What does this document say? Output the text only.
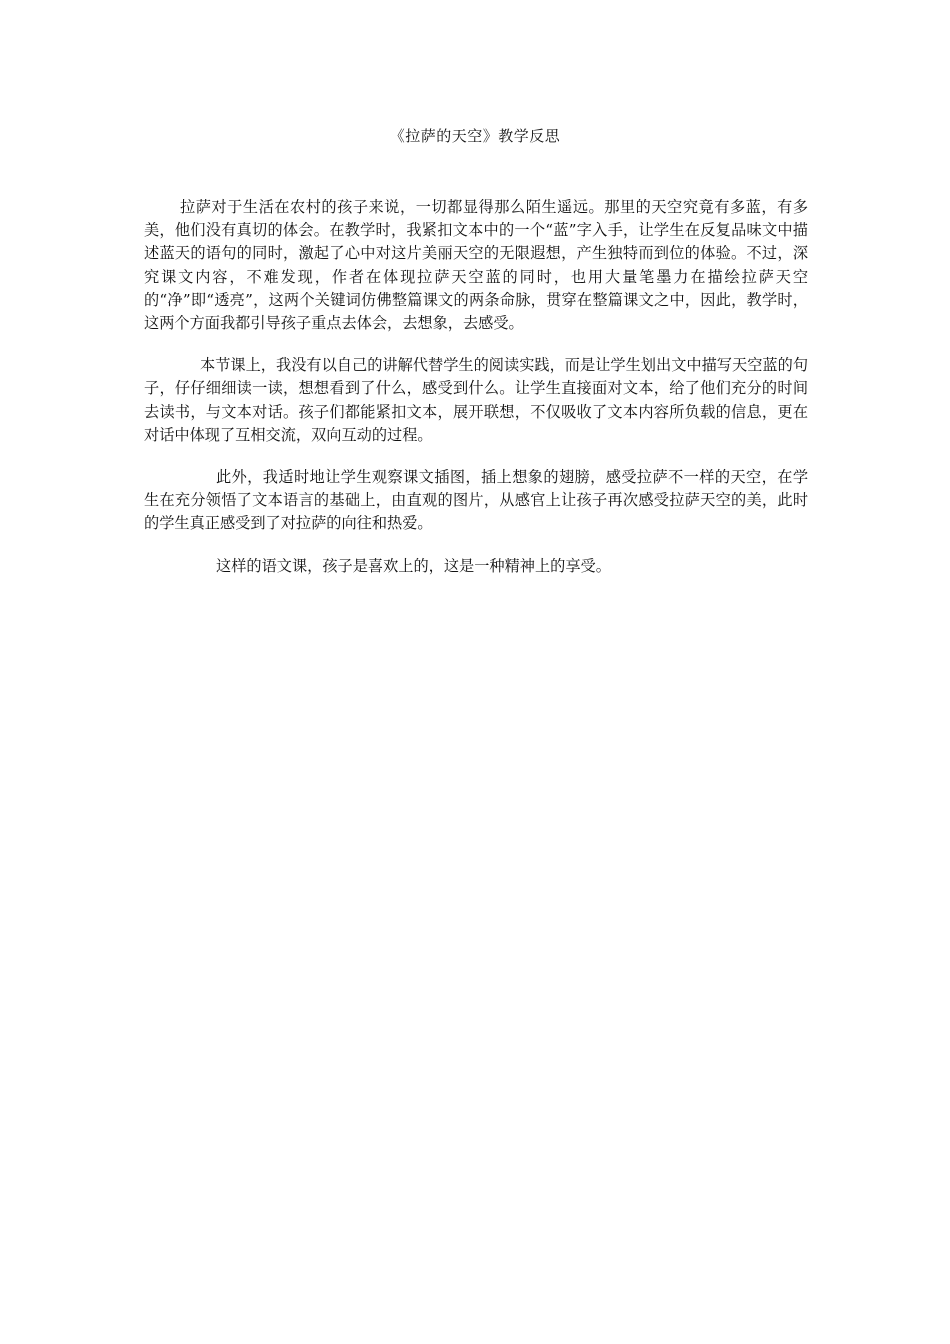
《拉萨的天空》教学反思

拉萨对于生活在农村的孩子来说，一切都显得那么陌生遥远。那里的天空究竟有多蓝，有多美，他们没有真切的体会。在教学时，我紧扣文本中的一个“蓝”字入手，让学生在反复品味文中描述蓝天的语句的同时，激起了心中对这片美丽天空的无限遐想，产生独特而到位的体验。不过，深究课文内容，不难发现，作者在体现拉萨天空蓝的同时，也用大量笔墨力在描绘拉萨天空的“净”即“透亮”，这两个关键词仿佛整篇课文的两条命脉，贯穿在整篇课文之中，因此，教学时，这两个方面我都引导孩子重点去体会，去想象，去感受。

本节课上，我没有以自己的讲解代替学生的阅读实践，而是让学生划出文中描写天空蓝的句子，仔仔细细读一读，想想看到了什么，感受到什么。让学生直接面对文本，给了他们充分的时间去读书，与文本对话。孩子们都能紧扣文本，展开联想，不仅吸收了文本内容所负载的信息，更在对话中体现了互相交流，双向互动的过程。

此外，我适时地让学生观察课文插图，插上想象的翅膀，感受拉萨不一样的天空，在学生在充分领悟了文本语言的基础上，由直观的图片，从感官上让孩子再次感受拉萨天空的美，此时的学生真正感受到了对拉萨的向往和热爱。

这样的语文课，孩子是喜欢上的，这是一种精神上的享受。
